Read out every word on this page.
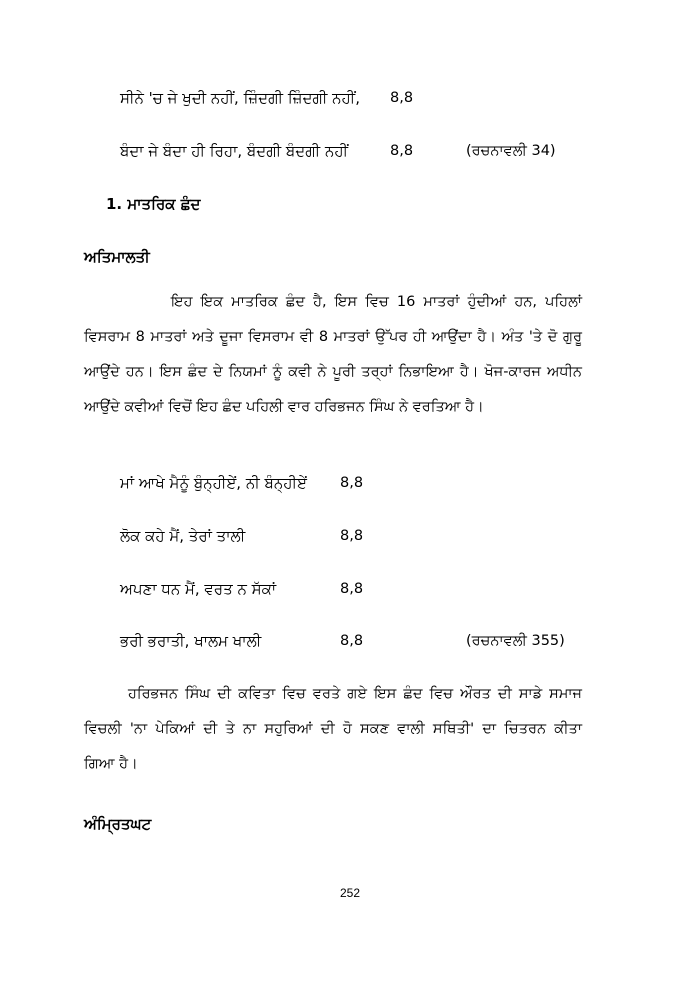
ਸੀਨੇ 'ਚ ਜੇ ਖੁਦੀ ਨਹੀਂ, ਜ਼ਿੰਦਗੀ ਜ਼ਿੰਦਗੀ ਨਹੀਂ, 8,8
ਬੰਦਾ ਜੇ ਬੰਦਾ ਹੀ ਰਿਹਾ, ਬੰਦਗੀ ਬੰਦਗੀ ਨਹੀਂ	8,8	(ਰਚਨਾਵਲੀ 34)
1. ਮਾਤਰਿਕ ਛੰਦ
ਅਤਿਮਾਲਤੀ
ਇਹ ਇਕ ਮਾਤਰਿਕ ਛੰਦ ਹੈ, ਇਸ ਵਿਚ 16 ਮਾਤਰਾਂ ਹੁੰਦੀਆਂ ਹਨ, ਪਹਿਲਾਂ
ਵਿਸਰਾਮ 8 ਮਾਤਰਾਂ ਅਤੇ ਦੂਜਾ ਵਿਸਰਾਮ ਵੀ 8 ਮਾਤਰਾਂ ਉੱਪਰ ਹੀ ਆਉਂਦਾ ਹੈ। ਅੰਤ 'ਤੇ ਦੋ ਗੁਰੂ
ਆਉਂਦੇ ਹਨ। ਇਸ ਛੰਦ ਦੇ ਨਿਯਮਾਂ ਨੂੰ ਕਵੀ ਨੇ ਪੂਰੀ ਤਰ੍ਹਾਂ ਨਿਭਾਇਆ ਹੈ। ਖੋਜ-ਕਾਰਜ ਅਧੀਨ
ਆਉਂਦੇ ਕਵੀਆਂ ਵਿਚੋਂ ਇਹ ਛੰਦ ਪਹਿਲੀ ਵਾਰ ਹਰਿਭਜਨ ਸਿੰਘ ਨੇ ਵਰਤਿਆ ਹੈ।
ਮਾਂ ਆਖੇ ਮੈਨੂੰ ਬੁੰਨ੍ਹੀਏਂ, ਨੀ ਬੰਨ੍ਹੀਏਂ 8,8
ਲੋਕ ਕਹੇ ਮੈਂ, ਤੇਰਾਂ ਤਾਲੀ	8,8
ਅਪਣਾ ਧਨ ਮੈਂ, ਵਰਤ ਨ ਸੱਕਾਂ	8,8
ਭਰੀ ਭਰਾਤੀ, ਖਾਲਮ ਖਾਲੀ	8,8	(ਰਚਨਾਵਲੀ 355)
ਹਰਿਭਜਨ ਸਿੰਘ ਦੀ ਕਵਿਤਾ ਵਿਚ ਵਰਤੇ ਗਏ ਇਸ ਛੰਦ ਵਿਚ ਔਰਤ ਦੀ ਸਾਡੇ ਸਮਾਜ
ਵਿਚਲੀ 'ਨਾ ਪੇਕਿਆਂ ਦੀ ਤੇ ਨਾ ਸਹੁਰਿਆਂ ਦੀ ਹੋ ਸਕਣ ਵਾਲੀ ਸਥਿਤੀ' ਦਾ ਚਿਤਰਨ ਕੀਤਾ
ਗਿਆ ਹੈ।
ਅੰਮ੍ਰਿਤਘਟ
252
